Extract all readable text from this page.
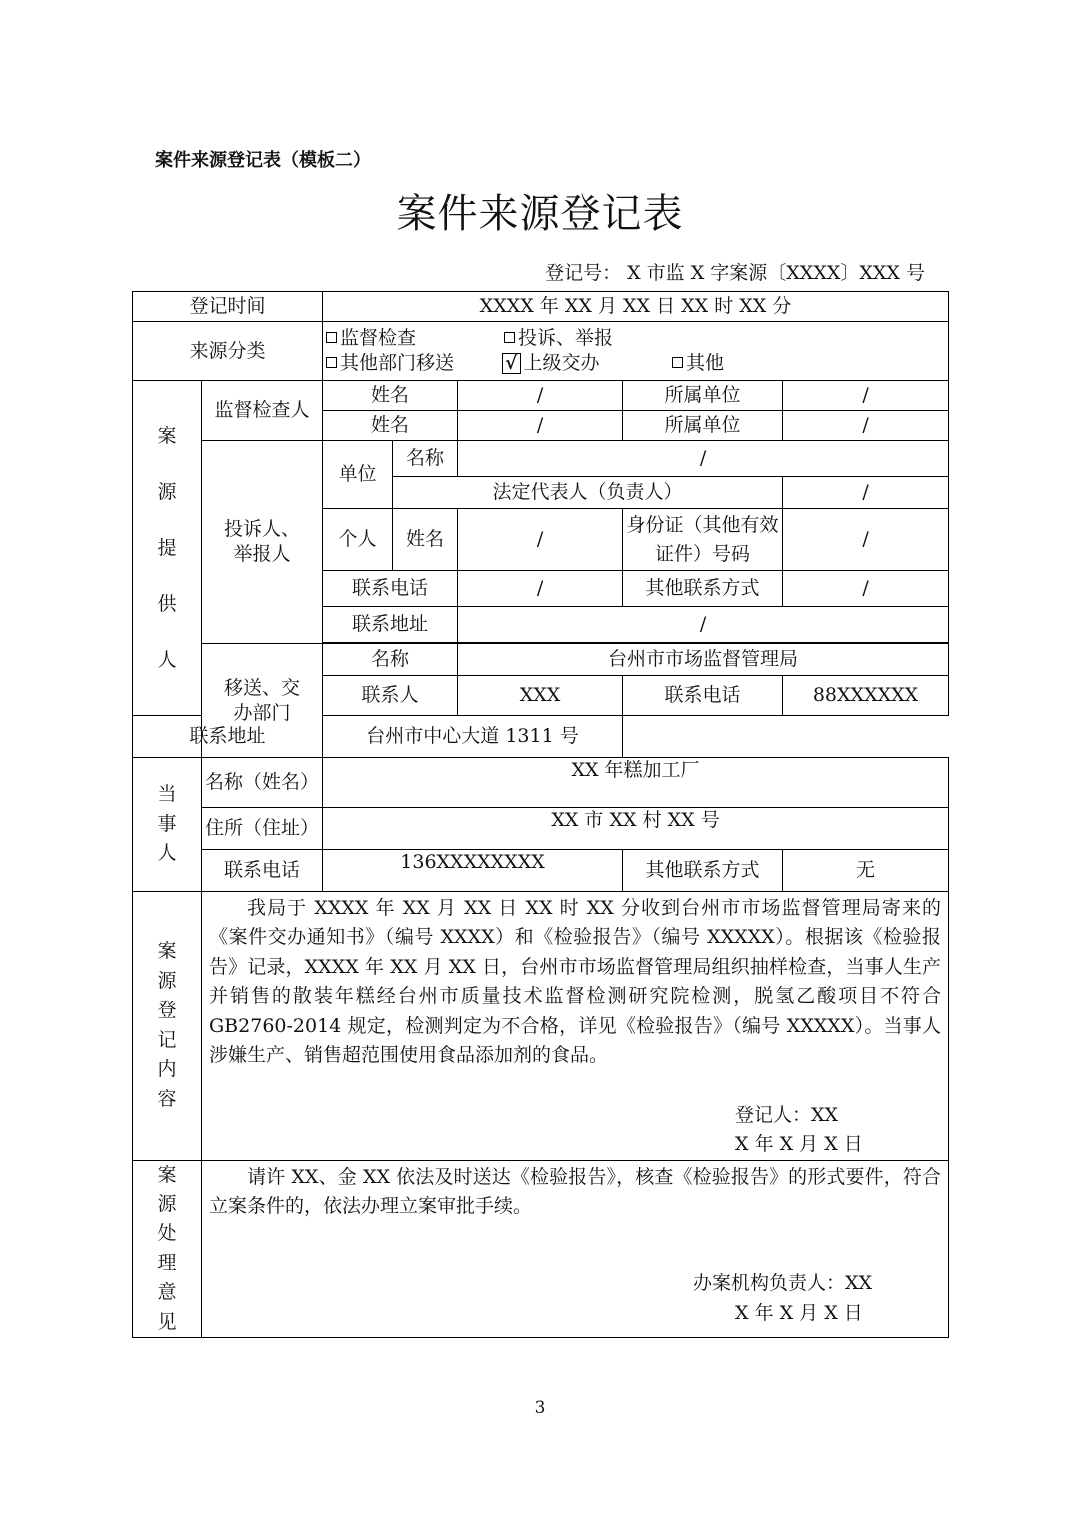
案件来源登记表（模板二）
案件来源登记表
登记号： X 市监 X 字案源〔XXXX〕XXX 号
登记时间		XXXX 年 XX 月 XX 日 XX 时 XX 分				
来源分类		监督检查 投诉、举报
其他部门移送 √ 上级交办 其他				

案源提供人	监督检查人	姓名		/	所属单位	/
		姓名		/	所属单位	/
	投诉人、举报人	单位	名称	/		
			法定代表人（负责人）			/
		个人	姓名	/	身份证（其他有效证件）号码	/
		联系电话		/	其他联系方式	/
		联系地址		/		

	移送、交办部门	名称		台州市市场监督管理局		
		联系人		XXX	联系电话	88XXXXXX
联系地址		台州市中心大道 1311 号				
当事人	名称（姓名）	XX 年糕加工厂				
	住所（住址）	XX 市 XX 村 XX 号				
	联系电话	136XXXXXXXX			其他联系方式	无
案源登记内容	我局于 XXXX 年 XX 月 XX 日 XX 时 XX 分收到台州市市场监督管理局寄来的《案件交办通知书》（编号 XXXX）和《检验报告》（编号 XXXXX）。根据该《检验报告》记录，XXXX 年 XX 月 XX 日，台州市市场监督管理局组织抽样检查，当事人生产并销售的散装年糕经台州市质量技术监督检测研究院检测，脱氢乙酸项目不符合 GB2760-2014 规定，检测判定为不合格，详见《检验报告》（编号 XXXXX）。当事人涉嫌生产、销售超范围使用食品添加剂的食品。
登记人：XX
X 年 X 月 X 日					

案源处理意见	请许 XX、金 XX 依法及时送达《检验报告》，核查《检验报告》的形式要件，符合立案条件的，依法办理立案审批手续。
办案机构负责人：XX
X 年 X 月 X 日					
3
